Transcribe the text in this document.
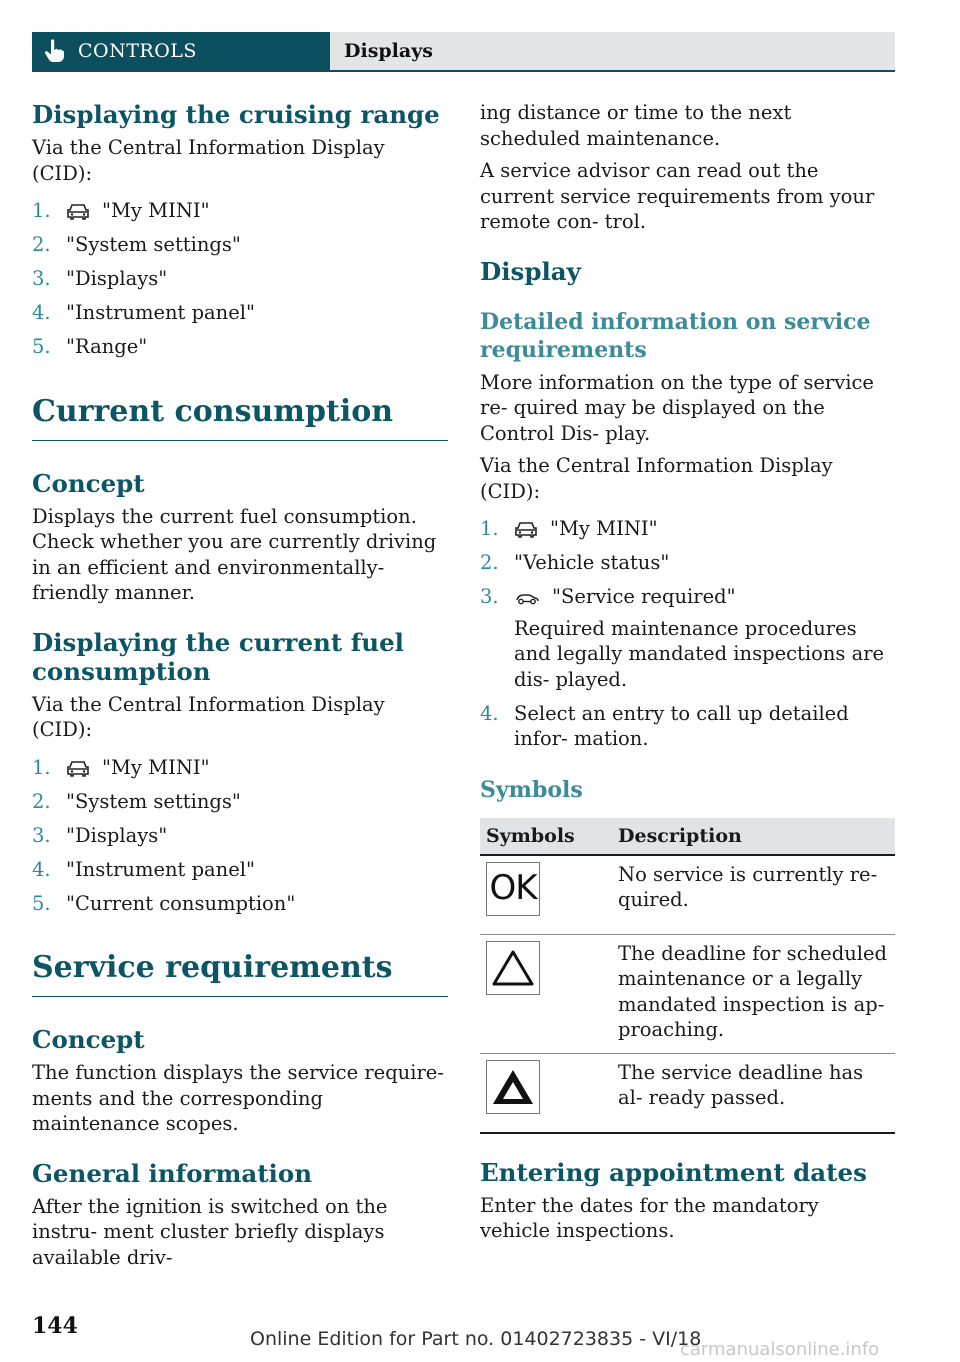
CONTROLS	Displays
Displaying the cruising range

Via the Central Information Display (CID):

1.	"My MINI"
2. "System settings"
3. "Displays"
4. "Instrument panel"
5. "Range"
Current consumption
Concept

Displays the current fuel consumption. Check whether you are currently driving in an efficient and environmentally-friendly manner.

Displaying the current fuel consumption

Via the Central Information Display (CID):

1.	"My MINI"
2. "System settings"
3. "Displays"
4. "Instrument panel"
5. "Current consumption"
Service requirements
Concept

The function displays the service require‐ ments and the corresponding maintenance scopes.

General information

After the ignition is switched on the instru‐ ment cluster briefly displays available driv‐

ing distance or time to the next scheduled maintenance.

A service advisor can read out the current service requirements from your remote con‐ trol.

Display
Detailed information on service requirements

More information on the type of service re‐ quired may be displayed on the Control Dis‐ play.

Via the Central Information Display (CID):

1.	"My MINI"
2. "Vehicle status"
3.	"Service required"

Required maintenance procedures and legally mandated inspections are dis‐ played.
4. Select an entry to call up detailed infor‐ mation.
Symbols
Symbols	Description

OK	No service is currently re‐ quired.

	The deadline for scheduled maintenance or a legally mandated inspection is ap‐ proaching.

	The service deadline has al‐ ready passed.
Entering appointment dates

Enter the dates for the mandatory vehicle inspections.

144	Online Edition for Part no. 01402723835 - VI/18
carmanualsonline.info
